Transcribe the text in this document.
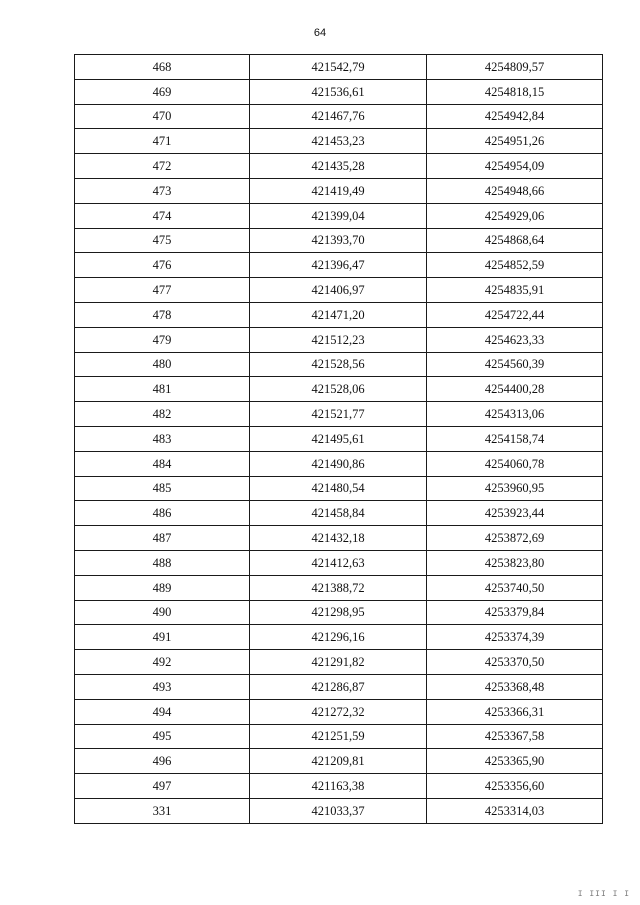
64
468	421542,79	4254809,57
469	421536,61	4254818,15
470	421467,76	4254942,84
471	421453,23	4254951,26
472	421435,28	4254954,09
473	421419,49	4254948,66
474	421399,04	4254929,06
475	421393,70	4254868,64
476	421396,47	4254852,59
477	421406,97	4254835,91
478	421471,20	4254722,44
479	421512,23	4254623,33
480	421528,56	4254560,39
481	421528,06	4254400,28
482	421521,77	4254313,06
483	421495,61	4254158,74
484	421490,86	4254060,78
485	421480,54	4253960,95
486	421458,84	4253923,44
487	421432,18	4253872,69
488	421412,63	4253823,80
489	421388,72	4253740,50
490	421298,95	4253379,84
491	421296,16	4253374,39
492	421291,82	4253370,50
493	421286,87	4253368,48
494	421272,32	4253366,31
495	421251,59	4253367,58
496	421209,81	4253365,90
497	421163,38	4253356,60
331	421033,37	4253314,03
I III I I
